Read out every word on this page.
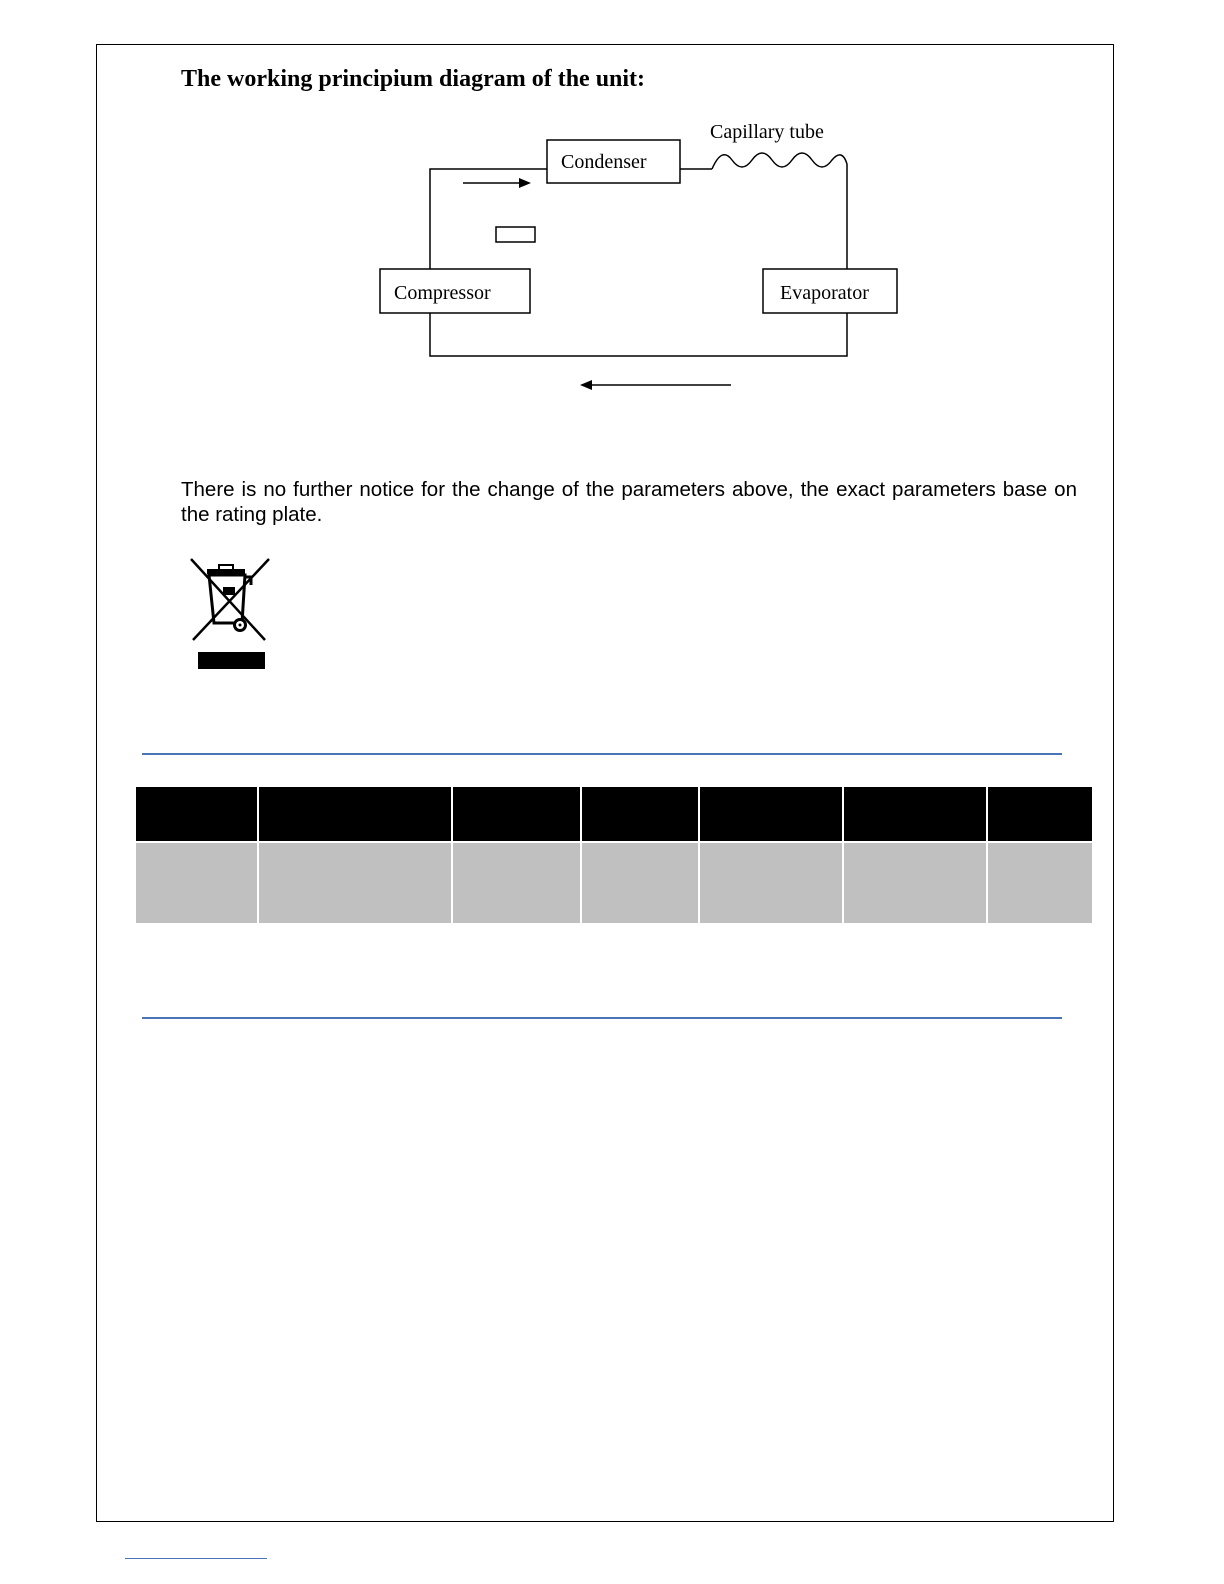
The working principium diagram of the unit:
Condenser
Capillary tube
Compressor	Evaporator

There is no further notice for the change of the parameters above, the exact parameters base on the rating plate.
